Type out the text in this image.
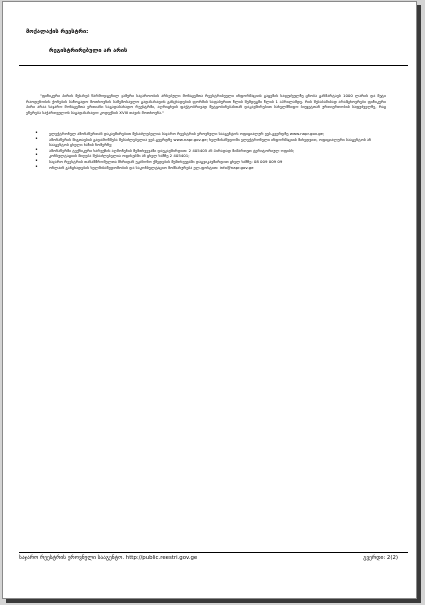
მოქალაქის რეესტრი:
რეგისტრირებული არ არის

"ფიზიკური პირის შესახებ წარმოდგენილ ჯამური საჯაროობის არსებული მონაცემთა რეესტრისეული ინფორმაციის გაცემის საფუძველზე ცნობა განმარტავს 1000 ლარის და მეტი რაოდენობის ქონების საზოგადო მოთხოვნის საშემოსავლო გადასახადის განცხადების ფორმის საფასურით წლის შემდეგში წლის 1 აპრილამდე. რის შესაბამისად არამცხოვრები ფიზიკური პირი არაა საჯარო მონაცემთა ერთიანი საგადასახადო რეესტრში, აღრიცხვის ფაქტობრივად შეტყობინებასთან დაკავშირებით სახელმწიფო ბიუჯეტთან ურთიერთობის საფუძველზე, რაც ეწერება საქართველოს საგადასახადო კოდექსის XVIII თავის მოთხოვნა."

•	ელექტრონულ ამონაწერთან დაკავშირებით შესაძლებელია საჯარო რეესტრის ეროვნული სააგენტოს ოფიციალურ ვებ-გვერდზე www.napr.gov.ge;
•	ამონაწერის შიგთავსის გადამოწმება შესაძლებელია ვებ-გვერდზე www.napr.gov.ge; ხელმისაწვდომი ელექტრონული ინფორმაციის მიხედვით, ოფიციალური სააგენტოს ან სააგენტოს ცხელი ხაზის ნომერზე;
•	ამონაწერში ტექნიკური ხარვეზის აღმოჩენის შემთხვევაში დაუკავშირდით: 2 405405 ან პირადად მიმართეთ ტერიტორიულ ოფისს;
•	კონსულტაციის მიღება შესაძლებელია ოფისებში ან ცხელ ხაზზე 2 405401;
•	საჯარო რეესტრის თანამშრომელთა მხრიდან უკანონო ქმედების შემთხვევაში დაგვიკავშირდით ცხელ ხაზზე: 08 009 009 09
•	ონლაინ განცხადების ხელმისაწვდომობის და საკონსულტაციო მომსახურება ელ-ფოსტით: info@napr.gov.ge
საჯარო რეესტრის ეროვნული სააგენტო. http://public.reestri.gov.ge	გვერდი: 2(2)
